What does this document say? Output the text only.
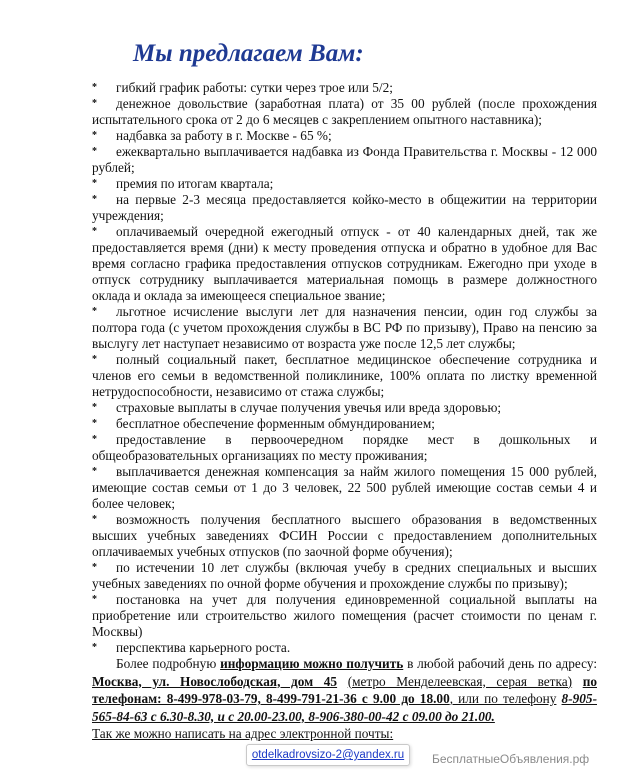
Мы предлагаем Вам:
* гибкий график работы: сутки через трое или 5/2;
* денежное довольствие (заработная плата) от 35 00 рублей (после прохождения испытательного срока от 2 до 6 месяцев с закреплением опытного наставника);
* надбавка за работу в г. Москве - 65 %;
* ежеквартально выплачивается надбавка из Фонда Правительства г. Москвы - 12 000 рублей;
* премия по итогам квартала;
* на первые 2-3 месяца предоставляется койко-место в общежитии на территории учреждения;
* оплачиваемый очередной ежегодный отпуск - от 40 календарных дней, так же предоставляется время (дни) к месту проведения отпуска и обратно в удобное для Вас время согласно графика предоставления отпусков сотрудникам. Ежегодно при уходе в отпуск сотруднику выплачивается материальная помощь в размере должностного оклада и оклада за имеющееся специальное звание;
* льготное исчисление выслуги лет для назначения пенсии, один год службы за полтора года (с учетом прохождения службы в ВС РФ по призыву), Право на пенсию за выслугу лет наступает независимо от возраста уже после 12,5 лет службы;
* полный социальный пакет, бесплатное медицинское обеспечение сотрудника и членов его семьи в ведомственной поликлинике, 100% оплата по листку временной нетрудоспособности, независимо от стажа службы;
* страховые выплаты в случае получения увечья или вреда здоровью;
* бесплатное обеспечение форменным обмундированием;
* предоставление в первоочередном порядке мест в дошкольных и общеобразовательных организациях по месту проживания;
* выплачивается денежная компенсация за найм жилого помещения 15 000 рублей, имеющие состав семьи от 1 до 3 человек, 22 500 рублей имеющие состав семьи 4 и более человек;
* возможность получения бесплатного высшего образования в ведомственных высших учебных заведениях ФСИН России с предоставлением дополнительных оплачиваемых учебных отпусков (по заочной форме обучения);
* по истечении 10 лет службы (включая учебу в средних специальных и высших учебных заведениях по очной форме обучения и прохождение службы по призыву);
* постановка на учет для получения единовременной социальной выплаты на приобретение или строительство жилого помещения (расчет стоимости по ценам г. Москвы)
* перспектива карьерного роста.

Более подробную информацию можно получить в любой рабочий день по адресу: Москва, ул. Новослободская, дом 45 (метро Менделеевская, серая ветка) по телефонам: 8-499-978-03-79, 8-499-791-21-36 с 9.00 до 18.00, или по телефону 8-905-565-84-63 с 6.30-8.30, и с 20.00-23.00, 8-906-380-00-42 с 09.00 до 21.00.

Так же можно написать на адрес электронной почты:

otdelkadrovsizo-2@yandex.ru	БесплатныеОбъявления.рф
